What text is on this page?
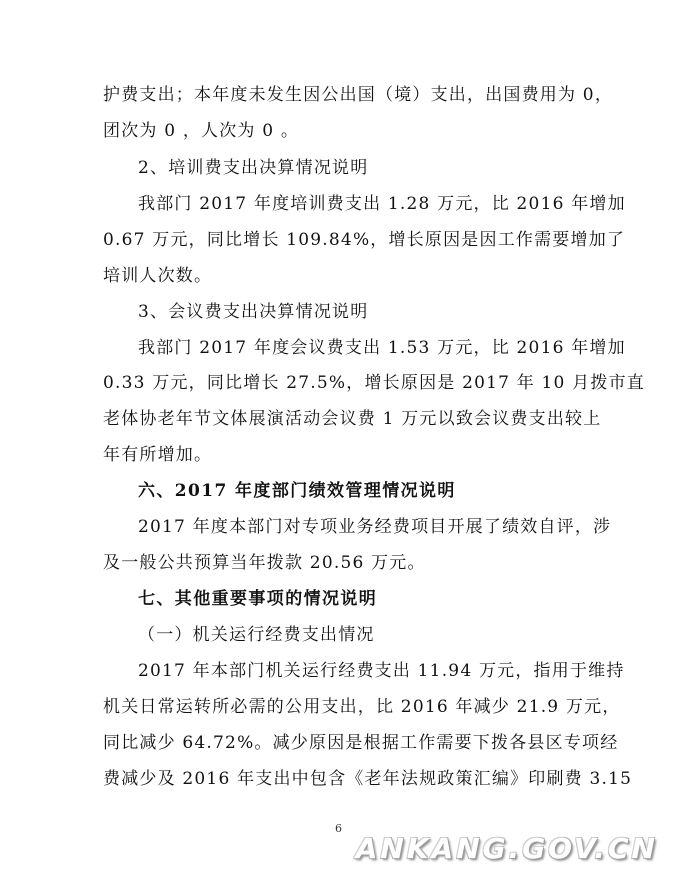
护费支出；本年度未发生因公出国（境）支出，出国费用为 0，
团次为 0 ，人次为 0 。
2、培训费支出决算情况说明
我部门 2017 年度培训费支出 1.28 万元，比 2016 年增加
0.67 万元，同比增长 109.84%，增长原因是因工作需要增加了
培训人次数。
3、会议费支出决算情况说明
我部门 2017 年度会议费支出 1.53 万元，比 2016 年增加
0.33 万元，同比增长 27.5%，增长原因是 2017 年 10 月拨市直
老体协老年节文体展演活动会议费 1 万元以致会议费支出较上
年有所增加。
六、2017 年度部门绩效管理情况说明
2017 年度本部门对专项业务经费项目开展了绩效自评，涉
及一般公共预算当年拨款 20.56 万元。
七、其他重要事项的情况说明
（一）机关运行经费支出情况
2017 年本部门机关运行经费支出 11.94 万元，指用于维持
机关日常运转所必需的公用支出，比 2016 年减少 21.9 万元，
同比减少 64.72%。减少原因是根据工作需要下拨各县区专项经
费减少及 2016 年支出中包含《老年法规政策汇编》印刷费 3.15
6
ANKANG.GOV.CN
